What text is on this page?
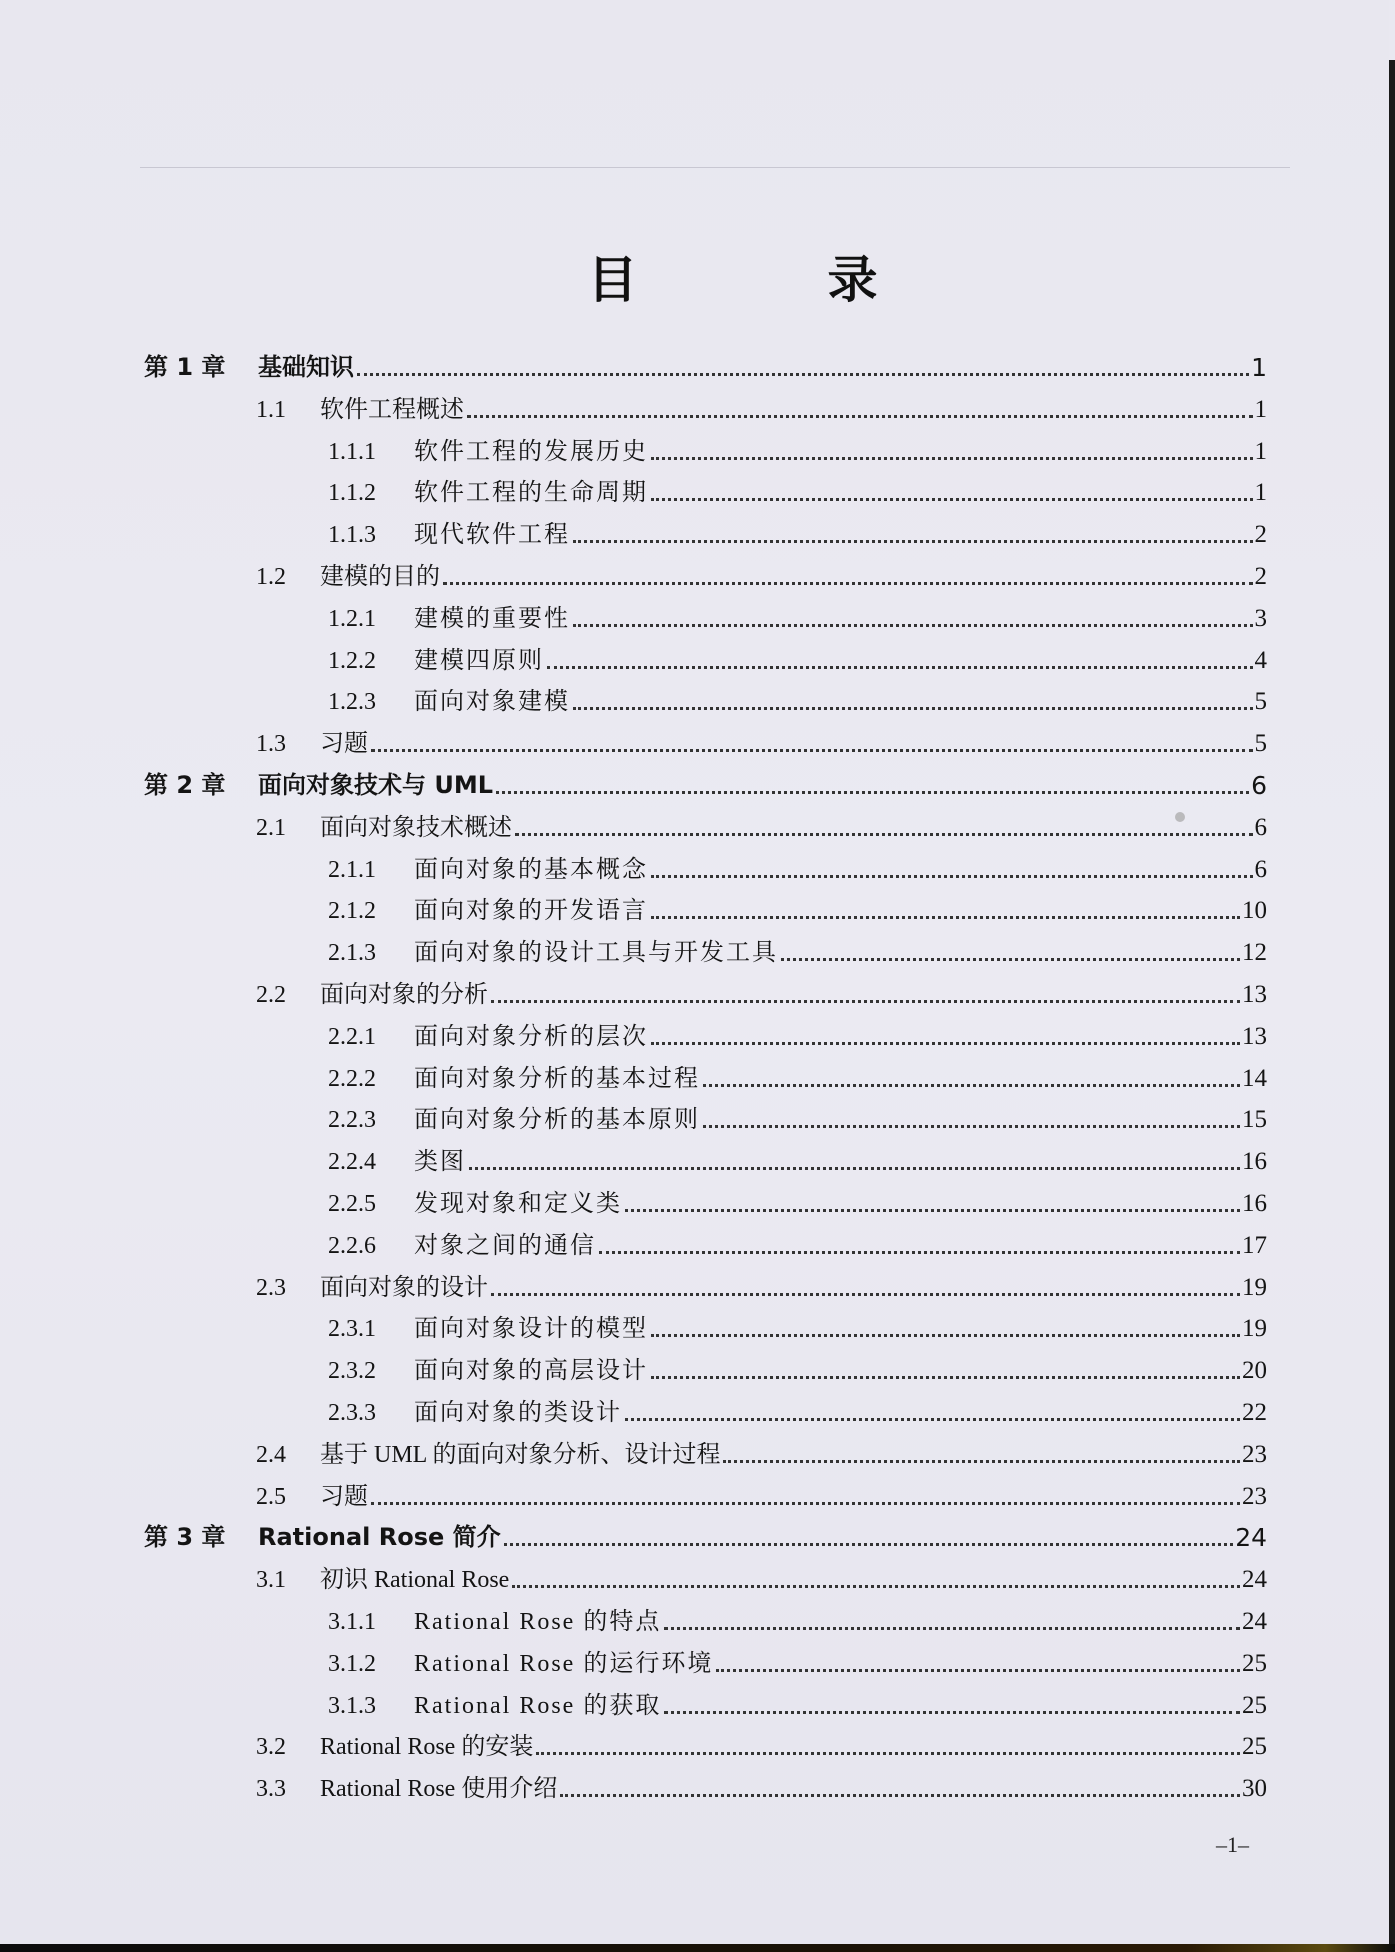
目　录
第 1 章	基础知识	1
1.1	软件工程概述	1
1.1.1	软件工程的发展历史	1
1.1.2	软件工程的生命周期	1
1.1.3	现代软件工程	2
1.2	建模的目的	2
1.2.1	建模的重要性	3
1.2.2	建模四原则	4
1.2.3	面向对象建模	5
1.3	习题	5
第 2 章	面向对象技术与 UML	6
2.1	面向对象技术概述	6
2.1.1	面向对象的基本概念	6
2.1.2	面向对象的开发语言	10
2.1.3	面向对象的设计工具与开发工具	12
2.2	面向对象的分析	13
2.2.1	面向对象分析的层次	13
2.2.2	面向对象分析的基本过程	14
2.2.3	面向对象分析的基本原则	15
2.2.4	类图	16
2.2.5	发现对象和定义类	16
2.2.6	对象之间的通信	17
2.3	面向对象的设计	19
2.3.1	面向对象设计的模型	19
2.3.2	面向对象的高层设计	20
2.3.3	面向对象的类设计	22
2.4	基于 UML 的面向对象分析、设计过程	23
2.5	习题	23
第 3 章	Rational Rose 简介	24
3.1	初识 Rational Rose	24
3.1.1	Rational Rose 的特点	24
3.1.2	Rational Rose 的运行环境	25
3.1.3	Rational Rose 的获取	25
3.2	Rational Rose 的安装	25
3.3	Rational Rose 使用介绍	30
–1–
